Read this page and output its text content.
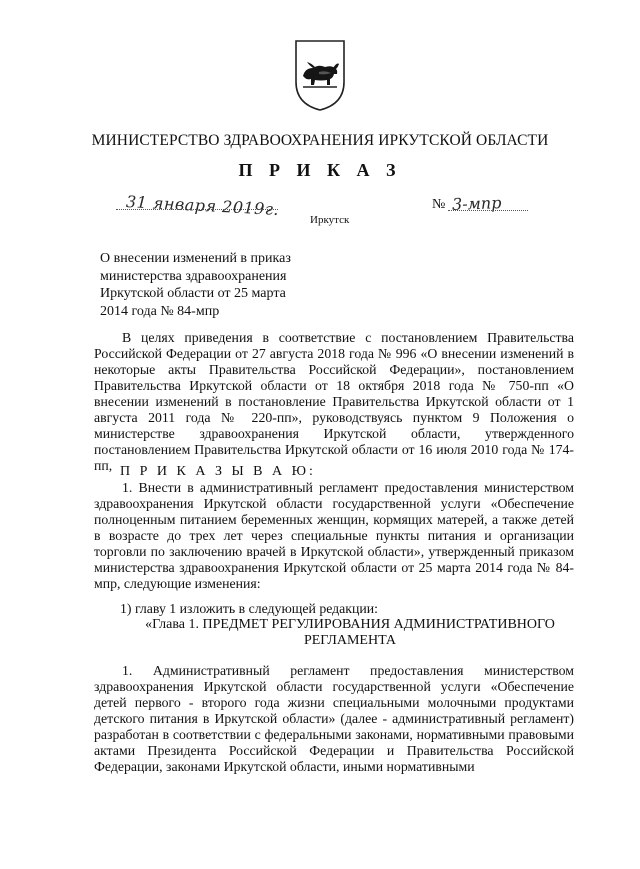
МИНИСТЕРСТВО ЗДРАВООХРАНЕНИЯ ИРКУТСКОЙ ОБЛАСТИ
П Р И К А З
31 января 2019г.
Иркутск
№ 3-мпр
О внесении изменений в приказ
министерства здравоохранения
Иркутской области от 25 марта
2014 года № 84-мпр
В целях приведения в соответствие с постановлением Правительства Российской Федерации от 27 августа 2018 года № 996 «О внесении изменений в некоторые акты Правительства Российской Федерации», постановлением Правительства Иркутской области от 18 октября 2018 года № 750-пп «О внесении изменений в постановление Правительства Иркутской области от 1 августа 2011 года № 220-пп», руководствуясь пунктом 9 Положения о министерстве здравоохранения Иркутской области, утвержденного постановлением Правительства Иркутской области от 16 июля 2010 года № 174-пп, П Р И К А З Ы В А Ю:
1. Внести в административный регламент предоставления министерством здравоохранения Иркутской области государственной услуги «Обеспечение полноценным питанием беременных женщин, кормящих матерей, а также детей в возрасте до трех лет через специальные пункты питания и организации торговли по заключению врачей в Иркутской области», утвержденный приказом министерства здравоохранения Иркутской области от 25 марта 2014 года № 84-мпр, следующие изменения:
1) главу 1 изложить в следующей редакции:
«Глава 1. ПРЕДМЕТ РЕГУЛИРОВАНИЯ АДМИНИСТРАТИВНОГО РЕГЛАМЕНТА
1. Административный регламент предоставления министерством здравоохранения Иркутской области государственной услуги «Обеспечение детей первого - второго года жизни специальными молочными продуктами детского питания в Иркутской области» (далее - административный регламент) разработан в соответствии с федеральными законами, нормативными правовыми актами Президента Российской Федерации и Правительства Российской Федерации, законами Иркутской области, иными нормативными
